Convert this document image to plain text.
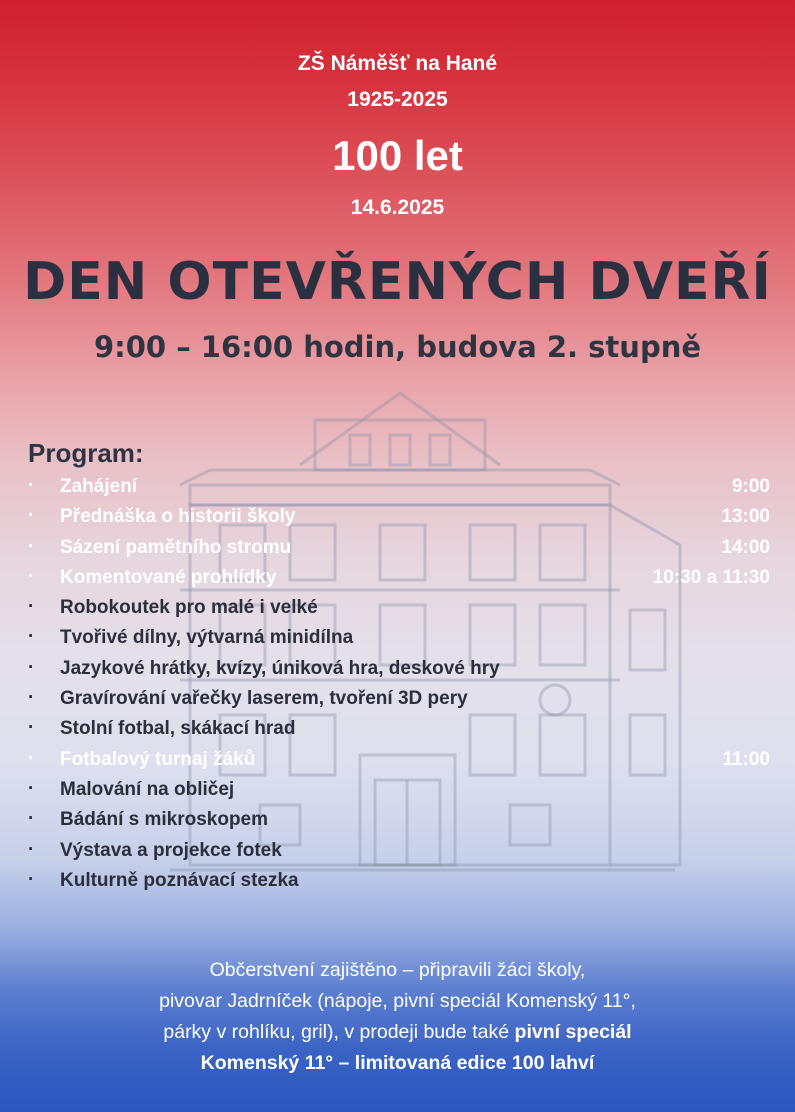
ZŠ Náměšť na Hané
1925-2025
100 let
14.6.2025
DEN OTEVŘENÝCH DVEŘÍ
9:00 – 16:00 hodin, budova 2. stupně
Program:
· Zahájení	9:00
· Přednáška o historii školy	13:00
· Sázení pamětního stromu	14:00
· Komentované prohlídky	10:30 a 11:30
· Robokoutek pro malé i velké
· Tvořivé dílny, výtvarná minidílna
· Jazykové hrátky, kvízy, úniková hra, deskové hry
· Gravírování vařečky laserem, tvoření 3D pery
· Stolní fotbal, skákací hrad
· Fotbalový turnaj žáků	11:00
· Malování na obličej
· Bádání s mikroskopem
· Výstava a projekce fotek
· Kulturně poznávací stezka
Občerstvení zajištěno – připravili žáci školy,
pivovar Jadrníček (nápoje, pivní speciál Komenský 11°,
párky v rohlíku, gril), v prodeji bude také pivní speciál
Komenský 11° – limitovaná edice 100 lahví
